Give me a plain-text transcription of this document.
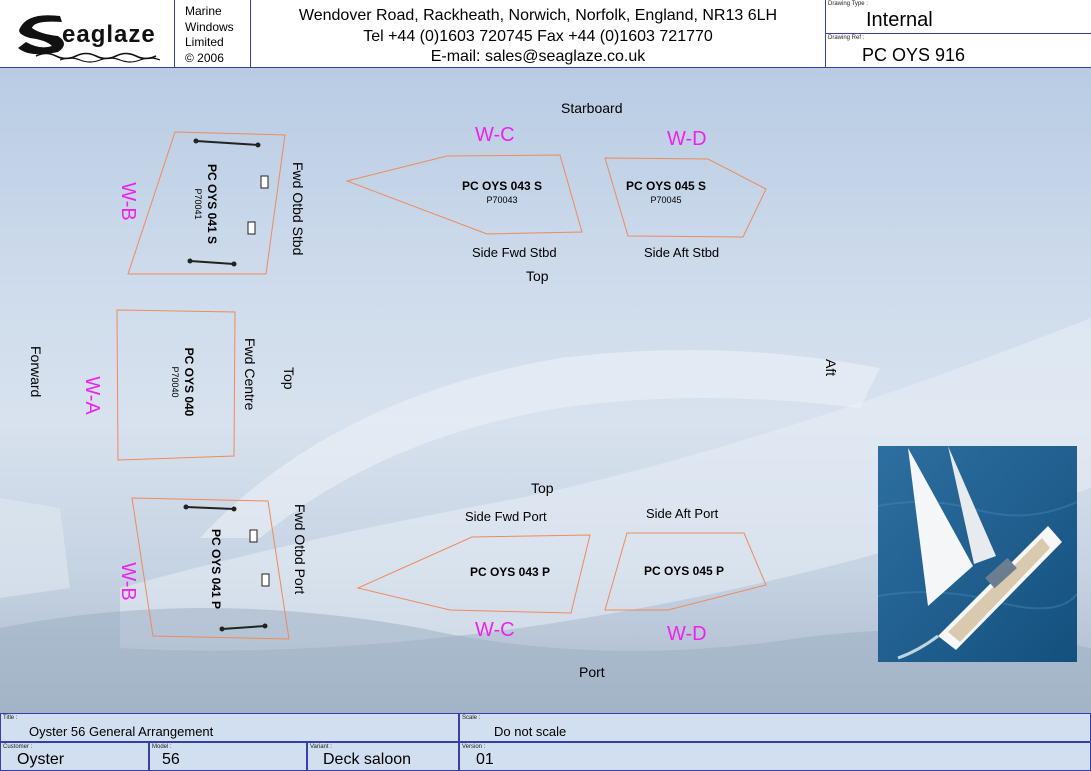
eaglaze
Marine
Windows
Limited
© 2006
Wendover Road, Rackheath, Norwich, Norfolk, England, NR13 6LH
Tel +44 (0)1603 720745 Fax +44 (0)1603 721770
E-mail: sales@seaglaze.co.uk
Drawing Type :
Internal
Drawing Ref :
PC OYS 916
Starboard
Port
Forward	Aft
Top
Top
W-B	PC OYS 041 S
P70041	Fwd Otbd Stbd
W-A	PC OYS 040
P70040	Fwd Centre Top
W-B	PC OYS 041 P	Fwd Otbd Port
W-C
PC OYS 043 S
P70043
Side Fwd Stbd
W-D
PC OYS 045 S
P70045
Side Aft Stbd
W-C
PC OYS 043 P
Side Fwd Port
W-D
PC OYS 045 P
Side Aft Port
Title :
Oyster 56 General Arrangement
Scale :
Do not scale
Customer :
Oyster
Model :
56
Variant :
Deck saloon
Version :
01
